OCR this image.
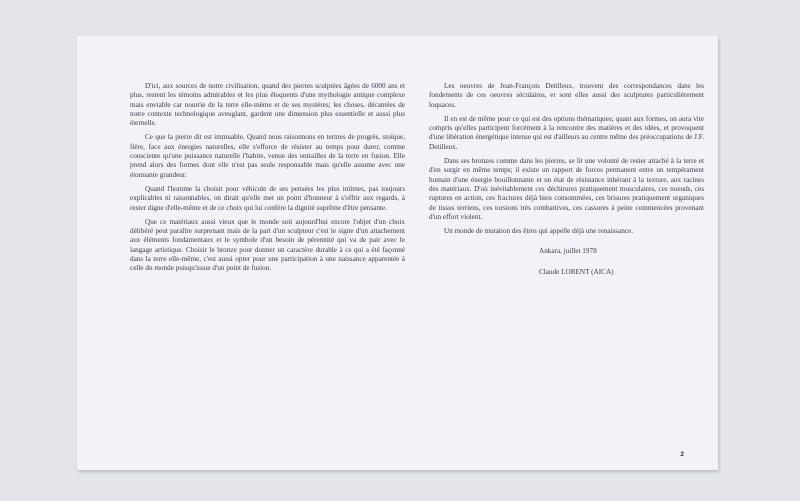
D'ici, aux sources de notre civilisation, quand des pierres sculptées âgées de 6000 ans et plus, restent les témoins admirables et les plus éloquents d'une mythologie antique complexe mais enviable car nourrie de la terre elle-même et de ses mystères; les choses, décantées de notre contexte technologique aveuglant, gardent une dimension plus essentielle et aussi plus éternelle.

Ce que la pierre dit est immuable. Quand nous raisonnons en termes de progrès, stoïque, fière, face aux énergies naturelles, elle s'efforce de résister au temps pour durer, comme consciente qu'une puissance naturelle l'habite, venue des entrailles de la terre en fusion. Elle prend alors des formes dont elle n'est pas seule responsable mais qu'elle assume avec une étonnante grandeur.

Quand l'homme la choisit pour véhicule de ses pensées les plus intimes, pas toujours explicables ni raisonnables, on dirait qu'elle met un point d'honneur à s'offrir aux regards, à rester digne d'elle-même et de ce choix qui lui confère la dignité suprême d'être pensante.

Que ce matériaux aussi vieux que le monde soit aujourd'hui encore l'objet d'un choix délibéré peut paraître surprenant mais de la part d'un sculpteur c'est le signe d'un attachement aux éléments fondamentaux et le symbole d'un besoin de pérennité qui va de pair avec le langage artistique. Choisir le bronze pour donner un caractère durable à ce qui a été façonné dans la terre elle-même, c'est aussi opter pour une participation à une naissance apparentée à celle du monde puisqu'issue d'un point de fusion.

Les oeuvres de Jean-François Detilleux, trouvent des correspondances dans les fondements de ces oeuvres séculaires, et sont elles aussi des sculptures particulièrement loquaces.

Il en est de même pour ce qui est des options thématiques; quant aux formes, on aura vite compris qu'elles participent forcément à la rencontre des matières et des idées, et provoquent d'une libération énergétique intense qui est d'ailleurs au centre même des préoccupations de J.F. Detilleux.

Dans ses bronzes comme dans les pierres, se lit une volonté de rester attaché à la terre et d'en surgir en même temps; il existe un rapport de forces permanent entre un tempérament humain d'une énergie bouillonnante et un état de résistance inhérant à la texture, aux racines des matériaux. D'où inévitablement ces déchirures pratiquement musculaires, ces noeuds, ces ruptures en action, ces fractures déjà bien consommées, ces brisures pratiquement organiques de tissus terriens, ces torsions très combattives, ces cassures à peine commencées provenant d'un effort violent.

Un monde de mutation des êtres qui appelle déjà une renaissance.

Ankara, juillet 1978

Claude LORENT (AICA)

2
